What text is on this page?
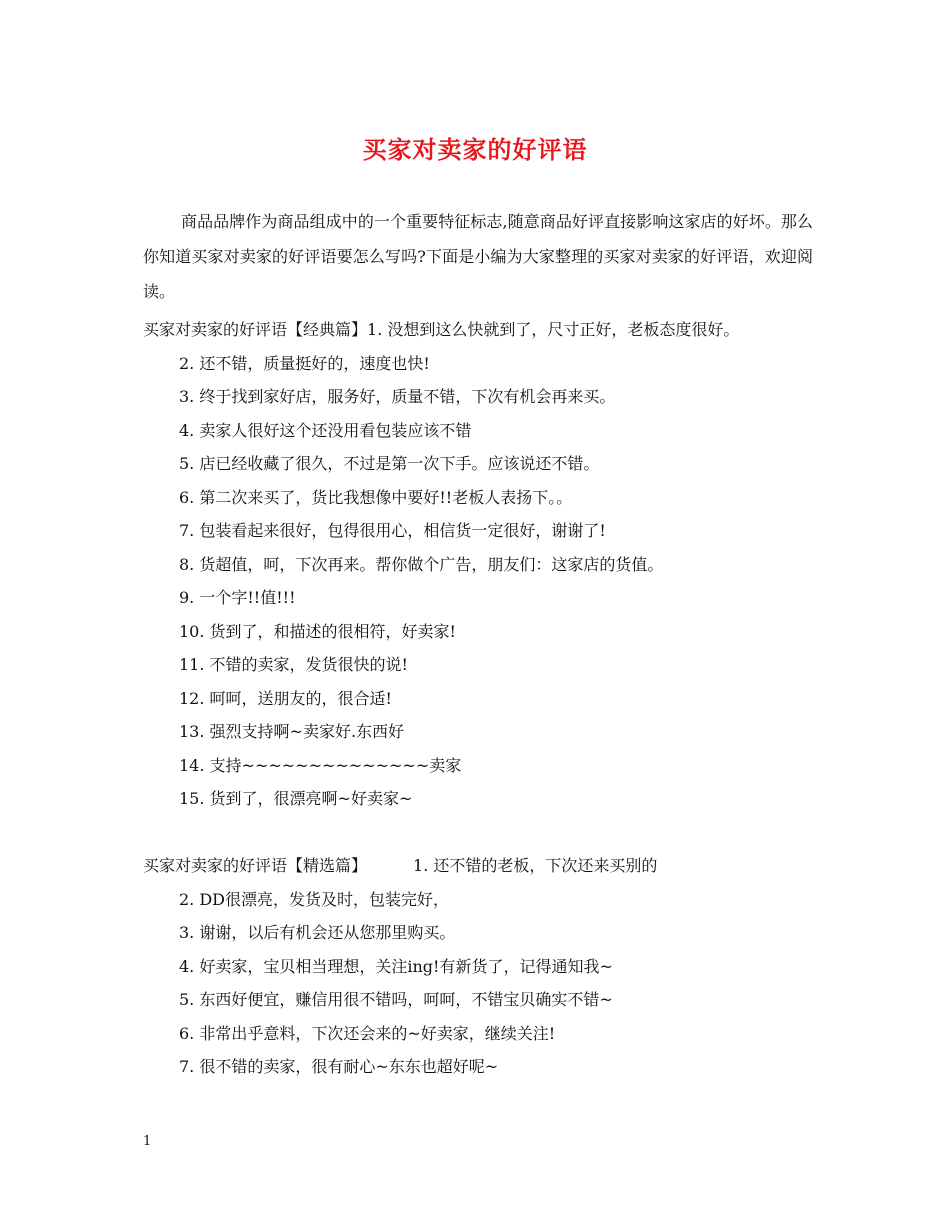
买家对卖家的好评语
商品品牌作为商品组成中的一个重要特征标志,随意商品好评直接影响这家店的好坏。那么你知道买家对卖家的好评语要怎么写吗?下面是小编为大家整理的买家对卖家的好评语，欢迎阅读。
买家对卖家的好评语【经典篇】1. 没想到这么快就到了，尺寸正好，老板态度很好。
2. 还不错，质量挺好的，速度也快!
3. 终于找到家好店，服务好，质量不错，下次有机会再来买。
4. 卖家人很好这个还没用看包装应该不错
5. 店已经收藏了很久，不过是第一次下手。应该说还不错。
6. 第二次来买了，货比我想像中要好!!老板人表扬下。。
7. 包装看起来很好，包得很用心，相信货一定很好，谢谢了!
8. 货超值，呵，下次再来。帮你做个广告，朋友们：这家店的货值。
9. 一个字!!值!!!
10. 货到了，和描述的很相符，好卖家!
11. 不错的卖家，发货很快的说!
12. 呵呵，送朋友的，很合适!
13. 强烈支持啊~卖家好.东西好
14. 支持~~~~~~~~~~~~~~卖家
15. 货到了，很漂亮啊~好卖家~
买家对卖家的好评语【精选篇】	1. 还不错的老板，下次还来买别的
2. DD很漂亮，发货及时，包装完好，
3. 谢谢，以后有机会还从您那里购买。
4. 好卖家，宝贝相当理想，关注ing!有新货了，记得通知我~
5. 东西好便宜，赚信用很不错吗，呵呵，不错宝贝确实不错~
6. 非常出乎意料，下次还会来的~好卖家，继续关注!
7. 很不错的卖家，很有耐心~东东也超好呢~
1
